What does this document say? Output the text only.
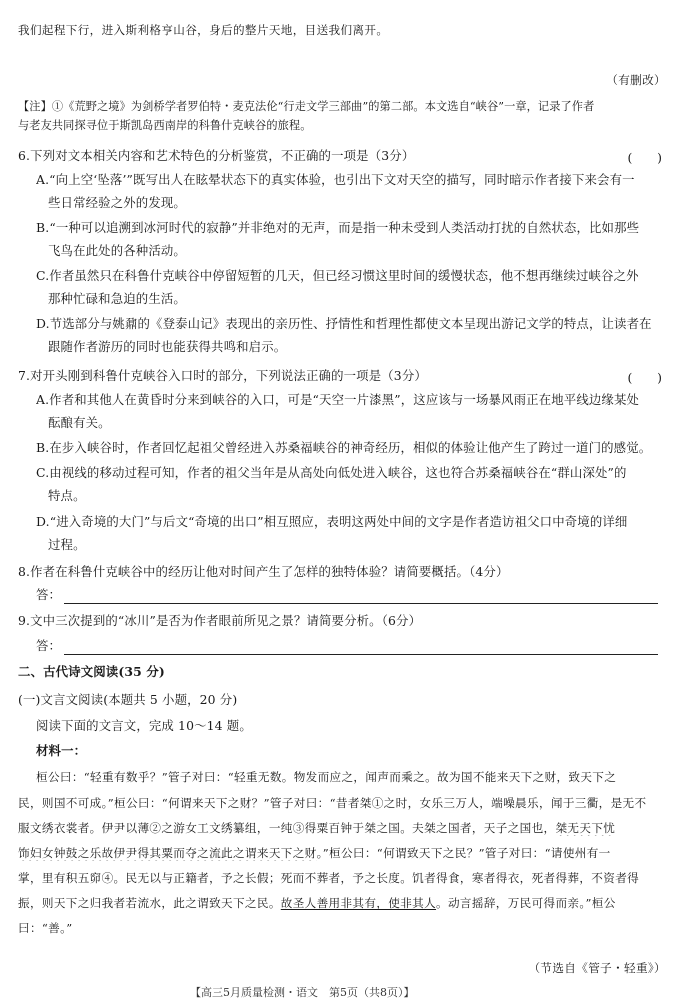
我们起程下行，进入斯利格亨山谷，身后的整片天地，目送我们离开。
（有删改）
【注】①《荒野之境》为剑桥学者罗伯特・麦克法伦“行走文学三部曲”的第二部。本文选自“峡谷”一章，记录了作者
与老友共同探寻位于斯凯岛西南岸的科鲁什克峡谷的旅程。
6.下列对文本相关内容和艺术特色的分析鉴赏，不正确的一项是（3分）	(　　)
A.“向上空‘坠落’”既写出人在眩晕状态下的真实体验，也引出下文对天空的描写，同时暗示作者接下来会有一
些日常经验之外的发现。
B.“一种可以追溯到冰河时代的寂静”并非绝对的无声，而是指一种未受到人类活动打扰的自然状态，比如那些
飞鸟在此处的各种活动。
C.作者虽然只在科鲁什克峡谷中停留短暂的几天，但已经习惯这里时间的缓慢状态，他不想再继续过峡谷之外
那种忙碌和急迫的生活。
D.节选部分与姚鼐的《登泰山记》表现出的亲历性、抒情性和哲理性都使文本呈现出游记文学的特点，让读者在
跟随作者游历的同时也能获得共鸣和启示。
7.对开头刚到科鲁什克峡谷入口时的部分，下列说法正确的一项是（3分）	(　　)
A.作者和其他人在黄昏时分来到峡谷的入口，可是“天空一片漆黑”，这应该与一场暴风雨正在地平线边缘某处
酝酿有关。
B.在步入峡谷时，作者回忆起祖父曾经进入苏桑福峡谷的神奇经历，相似的体验让他产生了跨过一道门的感觉。
C.由视线的移动过程可知，作者的祖父当年是从高处向低处进入峡谷，这也符合苏桑福峡谷在“群山深处”的
特点。
D.“进入奇境的大门”与后文“奇境的出口”相互照应，表明这两处中间的文字是作者造访祖父口中奇境的详细
过程。
8.作者在科鲁什克峡谷中的经历让他对时间产生了怎样的独特体验？请简要概括。（4分）
答：
9.文中三次提到的“冰川”是否为作者眼前所见之景？请简要分析。（6分）
答：
二、古代诗文阅读(35 分)
(一)文言文阅读(本题共 5 小题，20 分)
阅读下面的文言文，完成 10～14 题。
材料一：
桓公曰：“轻重有数乎？”管子对曰：“轻重无数。物发而应之，闻声而乘之。故为国不能来天下之财，致天下之
民，则国不可成。”桓公曰：“何谓来天下之财？”管子对曰：“昔者桀①之时，女乐三万人，端噪晨乐，闻于三衢，是无不
服文绣衣裳者。伊尹以薄②之游女工文绣纂组，一纯③得粟百钟于桀之国。夫桀之国者，天子之国也，桀无天下忧
饰妇女钟鼓之乐故伊尹得其粟而夺之流此之谓来天下之财。”桓公曰：“何谓致天下之民？”管子对曰：“请使州有一
掌，里有积五窌④。民无以与正籍者，予之长假；死而不葬者，予之长度。饥者得食，寒者得衣，死者得葬，不资者得
振，则天下之归我者若流水，此之谓致天下之民。故圣人善用非其有，使非其人。动言摇辞，万民可得而亲。”桓公
曰：“善。”
（节选自《管子・轻重》）
【高三5月质量检测・语文　第5页（共8页）】
